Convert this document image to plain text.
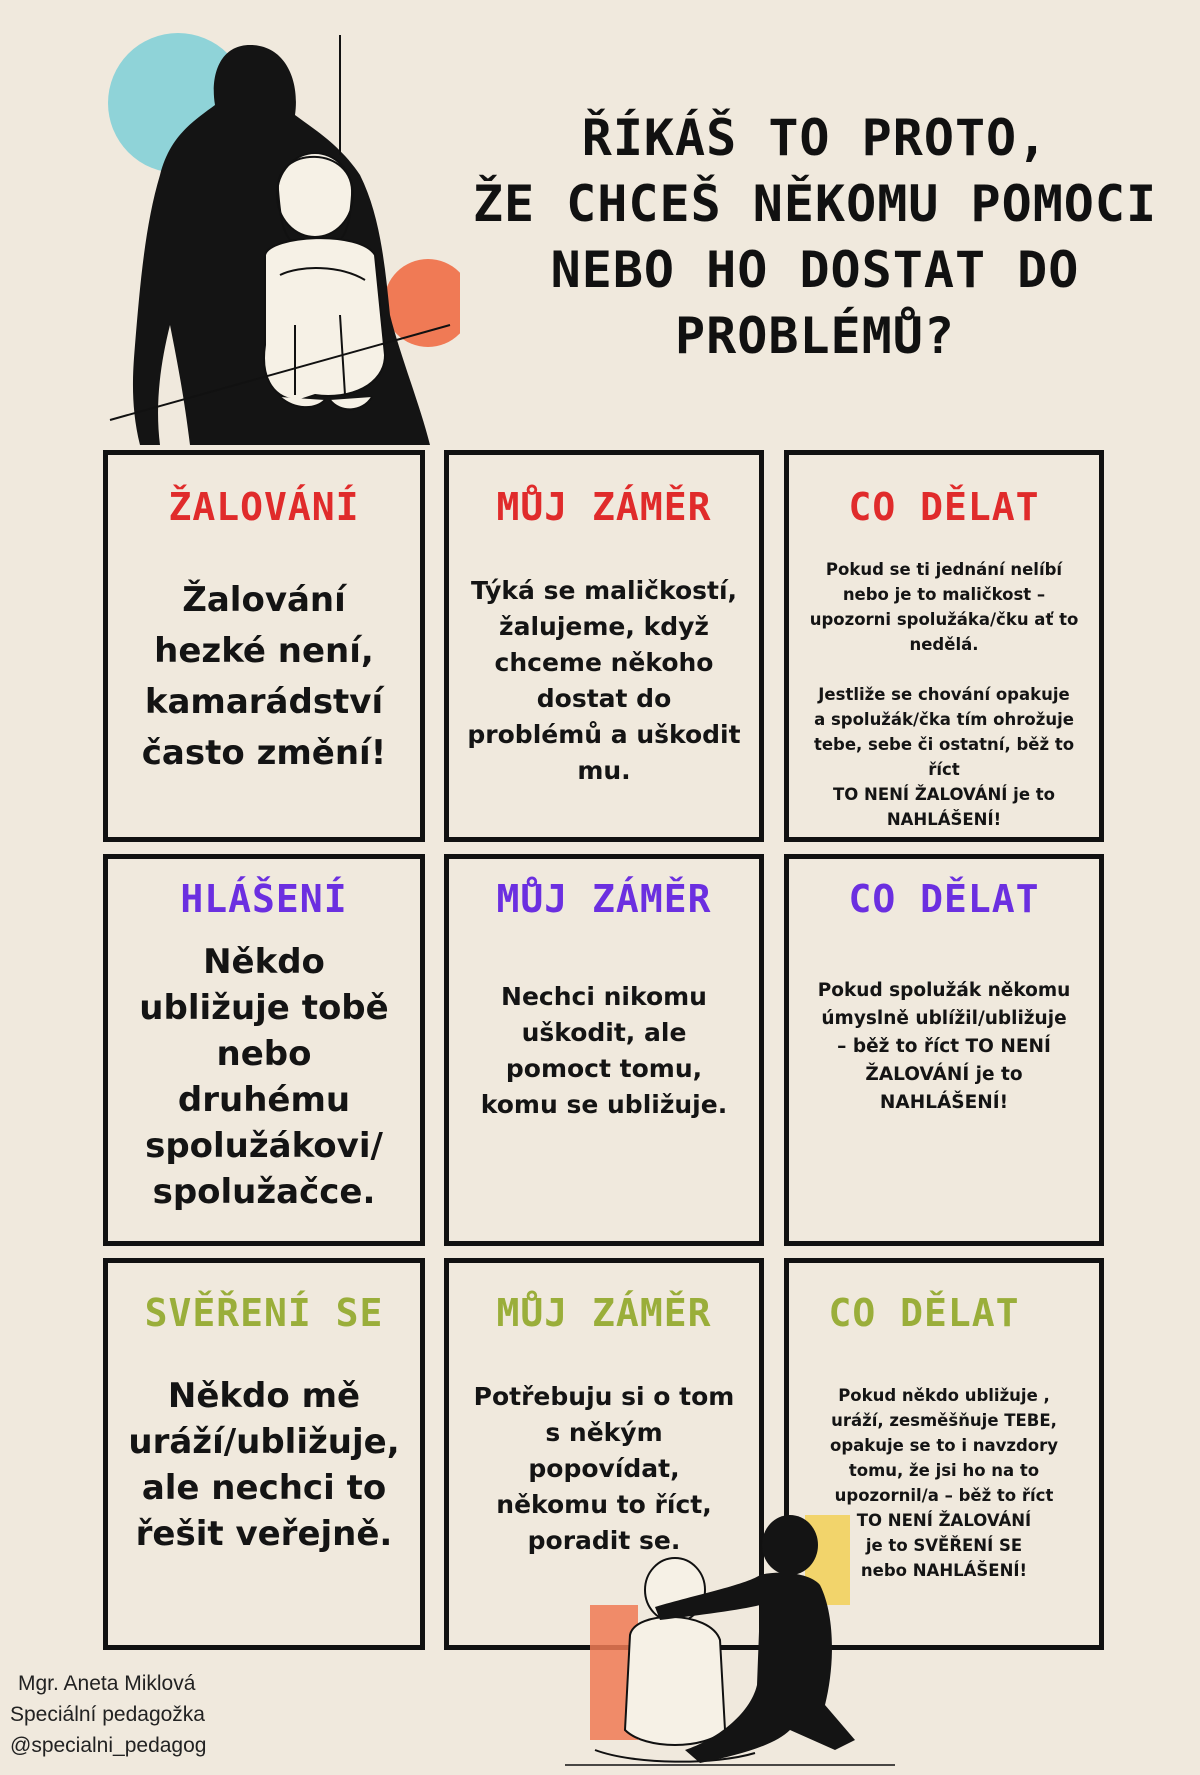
ŘÍKÁŠ TO PROTO,
ŽE CHCEŠ NĚKOMU POMOCI
NEBO HO DOSTAT DO
PROBLÉMŮ?
ŽALOVÁNÍ
Žalování
hezké není,
kamarádství
často změní!
MŮJ ZÁMĚR
Týká se maličkostí,
žalujeme, když
chceme někoho
dostat do
problémů a uškodit
mu.
CO DĚLAT
Pokud se ti jednání nelíbí
nebo je to maličkost –
upozorni spolužáka/čku ať to
nedělá.

Jestliže se chování opakuje
a spolužák/čka tím ohrožuje
tebe, sebe či ostatní, běž to
říct
TO NENÍ ŽALOVÁNÍ je to
NAHLÁŠENÍ!
HLÁŠENÍ
Někdo
ubližuje tobě
nebo
druhému
spolužákovi/
spolužačce.
MŮJ ZÁMĚR
Nechci nikomu
uškodit, ale
pomoct tomu,
komu se ubližuje.
CO DĚLAT
Pokud spolužák někomu
úmyslně ublížil/ubližuje
– běž to říct TO NENÍ
ŽALOVÁNÍ je to
NAHLÁŠENÍ!
SVĚŘENÍ SE
Někdo mě
uráží/ubližuje,
ale nechci to
řešit veřejně.
MŮJ ZÁMĚR
Potřebuju si o tom
s někým
popovídat,
někomu to říct,
poradit se.
CO DĚLAT
Pokud někdo ubližuje ,
uráží, zesměšňuje TEBE,
opakuje se to i navzdory
tomu, že jsi ho na to
upozornil/a – běž to říct
TO NENÍ ŽALOVÁNÍ
je to SVĚŘENÍ SE
nebo NAHLÁŠENÍ!
Mgr. Aneta Miklová
Speciální pedagožka
@specialni_pedagog
